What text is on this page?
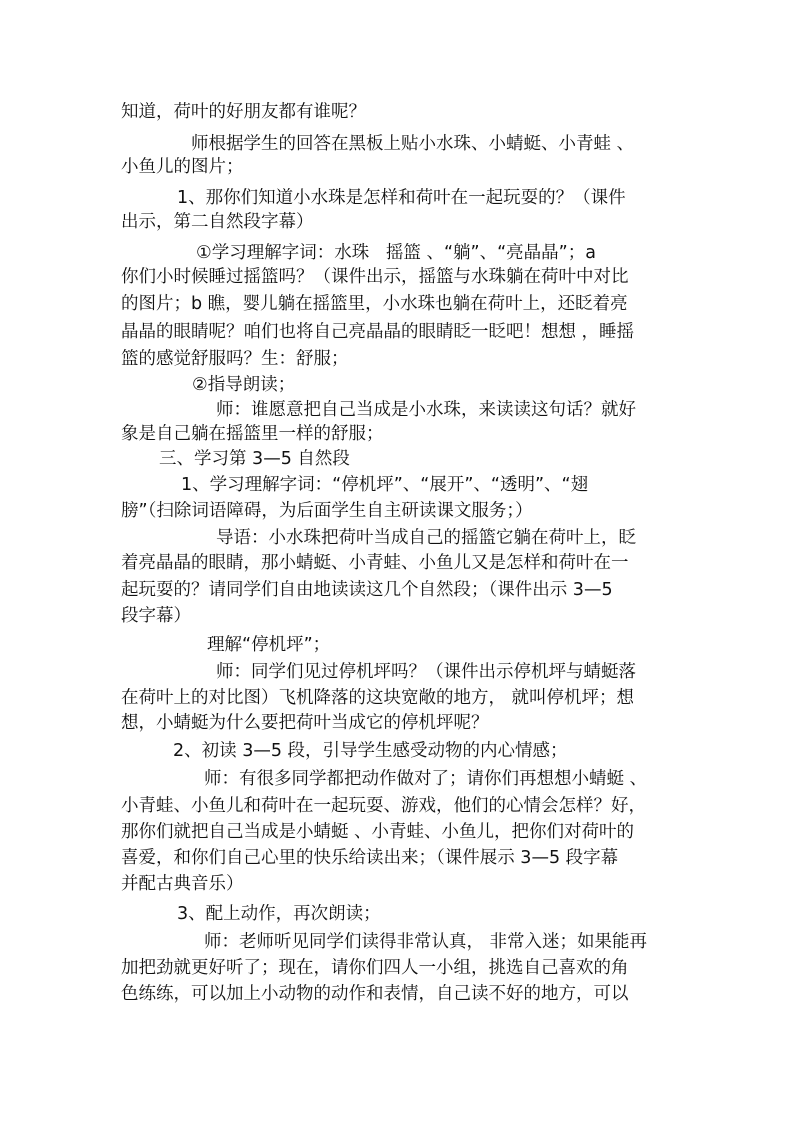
知道，荷叶的好朋友都有谁呢？

师根据学生的回答在黑板上贴小水珠、小蜻蜓、小青蛙 、

小鱼儿的图片；

1、那你们知道小水珠是怎样和荷叶在一起玩耍的？（课件

出示，第二自然段字幕）

①学习理解字词：水珠   摇篮 、“躺”、“亮晶晶”；a

你们小时候睡过摇篮吗？（课件出示，摇篮与水珠躺在荷叶中对比

的图片；b 瞧，婴儿躺在摇篮里，小水珠也躺在荷叶上，还眨着亮

晶晶的眼睛呢？咱们也将自己亮晶晶的眼睛眨一眨吧！想想 ，睡摇

篮的感觉舒服吗？生：舒服；

②指导朗读；

师：谁愿意把自己当成是小水珠，来读读这句话？就好

象是自己躺在摇篮里一样的舒服；

三、学习第 3—5 自然段

1、学习理解字词：“停机坪”、“展开”、“透明”、“翅

膀”（扫除词语障碍，为后面学生自主研读课文服务；）

导语：小水珠把荷叶当成自己的摇篮它躺在荷叶上，眨

着亮晶晶的眼睛，那小蜻蜓、小青蛙、小鱼儿又是怎样和荷叶在一

起玩耍的？请同学们自由地读读这几个自然段；（课件出示 3—5

段字幕）

理解“停机坪”；

师：同学们见过停机坪吗？（课件出示停机坪与蜻蜓落

在荷叶上的对比图）飞机降落的这块宽敞的地方， 就叫停机坪；想

想，小蜻蜓为什么要把荷叶当成它的停机坪呢？

2、初读 3—5 段，引导学生感受动物的内心情感；

师：有很多同学都把动作做对了；请你们再想想小蜻蜓 、

小青蛙、小鱼儿和荷叶在一起玩耍、游戏，他们的心情会怎样？好，

那你们就把自己当成是小蜻蜓 、小青蛙、小鱼儿，把你们对荷叶的

喜爱，和你们自己心里的快乐给读出来；（课件展示 3—5 段字幕

并配古典音乐）

3、配上动作，再次朗读；

师：老师听见同学们读得非常认真， 非常入迷；如果能再

加把劲就更好听了；现在，请你们四人一小组，挑选自己喜欢的角

色练练，可以加上小动物的动作和表情，自己读不好的地方，可以
